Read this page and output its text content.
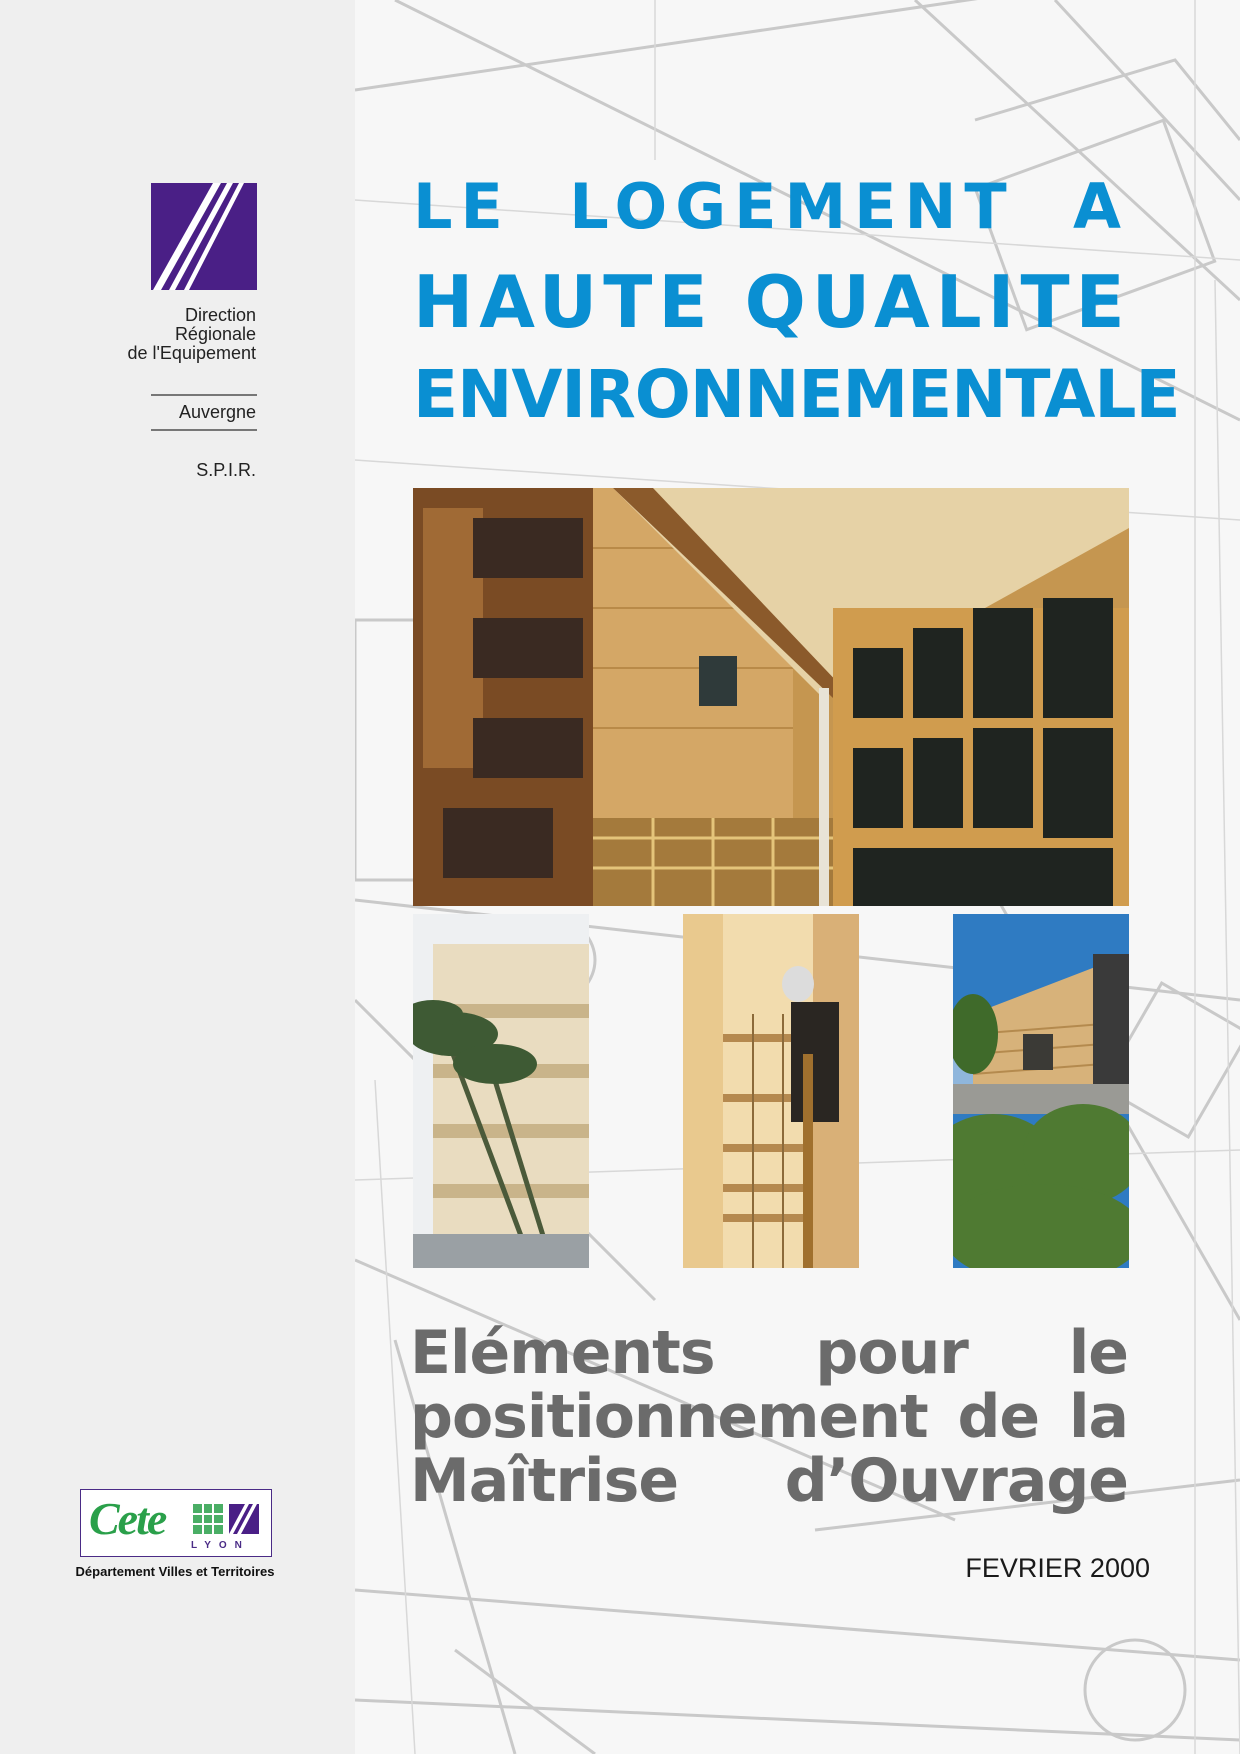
Direction
Régionale
de l'Equipement
Auvergne
S.P.I.R.
Cete
LYON
Département Villes et Territoires
LE LOGEMENT A
HAUTE QUALITE
ENVIRONNEMENTALE
Eléments pour le
positionnement de la
Maîtrise d’Ouvrage
FEVRIER 2000
